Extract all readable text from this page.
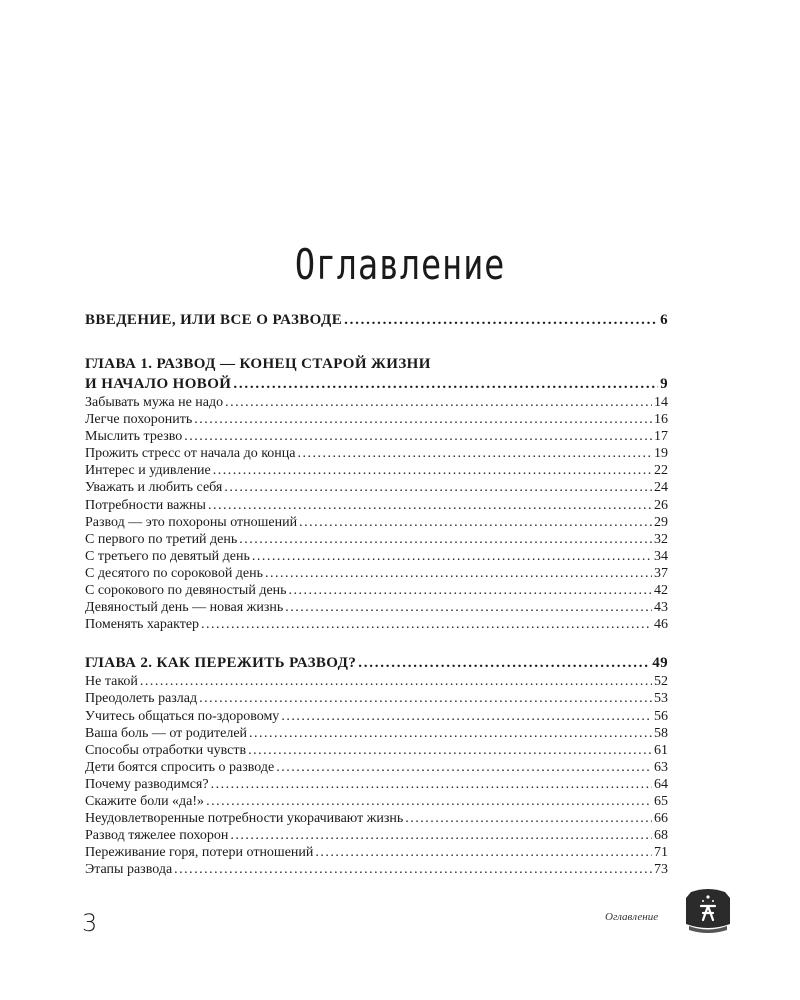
Оглавление
ВВЕДЕНИЕ, ИЛИ ВСЕ О РАЗВОДЕ . . .	6
ГЛАВА 1. РАЗВОД — КОНЕЦ СТАРОЙ ЖИЗНИ
И НАЧАЛО НОВОЙ . . .	9
Забывать мужа не надо . . .	14
Легче похоронить . . .	16
Мыслить трезво . . .	17
Прожить стресс от начала до конца . . .	19
Интерес и удивление . . .	22
Уважать и любить себя . . .	24
Потребности важны . . .	26
Развод — это похороны отношений . . .	29
С первого по третий день . . .	32
С третьего по девятый день . . .	34
С десятого по сороковой день . . .	37
С сорокового по девяностый день . . .	42
Девяностый день — новая жизнь . . .	43
Поменять характер . . .	46
ГЛАВА 2. КАК ПЕРЕЖИТЬ РАЗВОД? . . .	49
Не такой . . .	52
Преодолеть разлад . . .	53
Учитесь общаться по-здоровому . . .	56
Ваша боль — от родителей . . .	58
Способы отработки чувств . . .	61
Дети боятся спросить о разводе . . .	63
Почему разводимся? . . .	64
Скажите боли «да!» . . .	65
Неудовлетворенные потребности укорачивают жизнь . . .	66
Развод тяжелее похорон . . .	68
Переживание горя, потери отношений . . .	71
Этапы развода . . .	73
3	Оглавление
